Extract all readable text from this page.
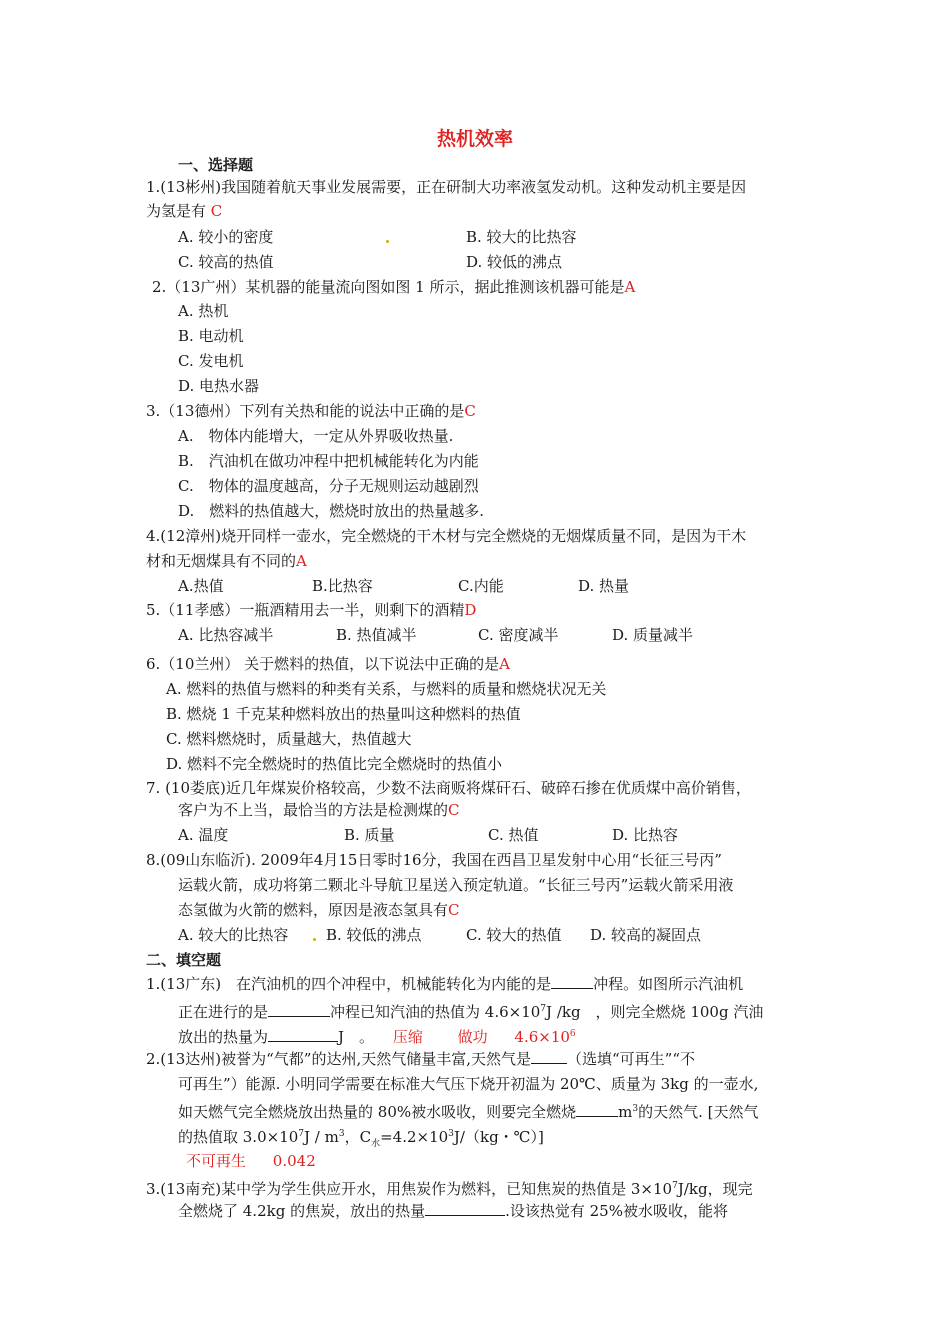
热机效率
一、选择题
1.(13彬州)我国随着航天事业发展需要，正在研制大功率液氢发动机。这种发动机主要是因
为氢是有 C
A. 较小的密度	B. 较大的比热容
C. 较高的热值	D. 较低的沸点
2.（13广州）某机器的能量流向图如图 1 所示，据此推测该机器可能是A
A. 热机
B. 电动机
C. 发电机
D. 电热水器
3.（13德州）下列有关热和能的说法中正确的是C
A.　物体内能增大，一定从外界吸收热量.
B.　汽油机在做功冲程中把机械能转化为内能
C.　物体的温度越高，分子无规则运动越剧烈
D.　燃料的热值越大，燃烧时放出的热量越多.
4.(12漳州)烧开同样一壶水，完全燃烧的干木材与完全燃烧的无烟煤质量不同，是因为干木
材和无烟煤具有不同的A
A.热值	B.比热容	C.内能	D. 热量
5.（11孝感）一瓶酒精用去一半，则剩下的酒精D
A. 比热容减半	B. 热值减半	C. 密度减半	D. 质量减半
6.（10兰州） 关于燃料的热值，以下说法中正确的是A
A. 燃料的热值与燃料的种类有关系，与燃料的质量和燃烧状况无关
B. 燃烧 1 千克某种燃料放出的热量叫这种燃料的热值
C. 燃料燃烧时，质量越大，热值越大
D. 燃料不完全燃烧时的热值比完全燃烧时的热值小
7. (10娄底)近几年煤炭价格较高，少数不法商贩将煤矸石、破碎石掺在优质煤中高价销售，
客户为不上当，最恰当的方法是检测煤的C
A. 温度	B. 质量	C. 热值	D. 比热容
8.(09山东临沂). 2009年4月15日零时16分，我国在西昌卫星发射中心用“长征三号丙”
运载火箭，成功将第二颗北斗导航卫星送入预定轨道。“长征三号丙”运载火箭采用液
态氢做为火箭的燃料，原因是液态氢具有C
A. 较大的比热容	B. 较低的沸点	C. 较大的热值 D. 较高的凝固点
二、填空题
1.(13广东)　在汽油机的四个冲程中，机械能转化为内能的是	冲程。如图所示汽油机
正在进行的是	冲程已知汽油的热值为 $4.6\times 10^7J$ /kg　，则完全燃烧 100g 汽油
放出的热量为	J　。 压缩 做功 $4.6\times 10^6$
2.(13达州)被誉为“气都”的达州,天然气储量丰富,天然气是 （选填“可再生”“不
可再生”）能源. 小明同学需要在标准大气压下烧开初温为 20℃、质量为 3kg 的一壶水,
如天燃气完全燃烧放出热量的 80%被水吸收，则要完全燃烧	$m^3$的天然气. [天然气
的热值取 $3.0\times 10^7J / m^3$，$C_水=4.2\times 10^3J/(kg$・℃）]
不可再生 0.042
3.(13南充)某中学为学生供应开水，用焦炭作为燃料，已知焦炭的热值是 $3\times 10^7J/kg$，现完
全燃烧了 4.2kg 的焦炭，放出的热量	.设该热觉有 25%被水吸收，能将
